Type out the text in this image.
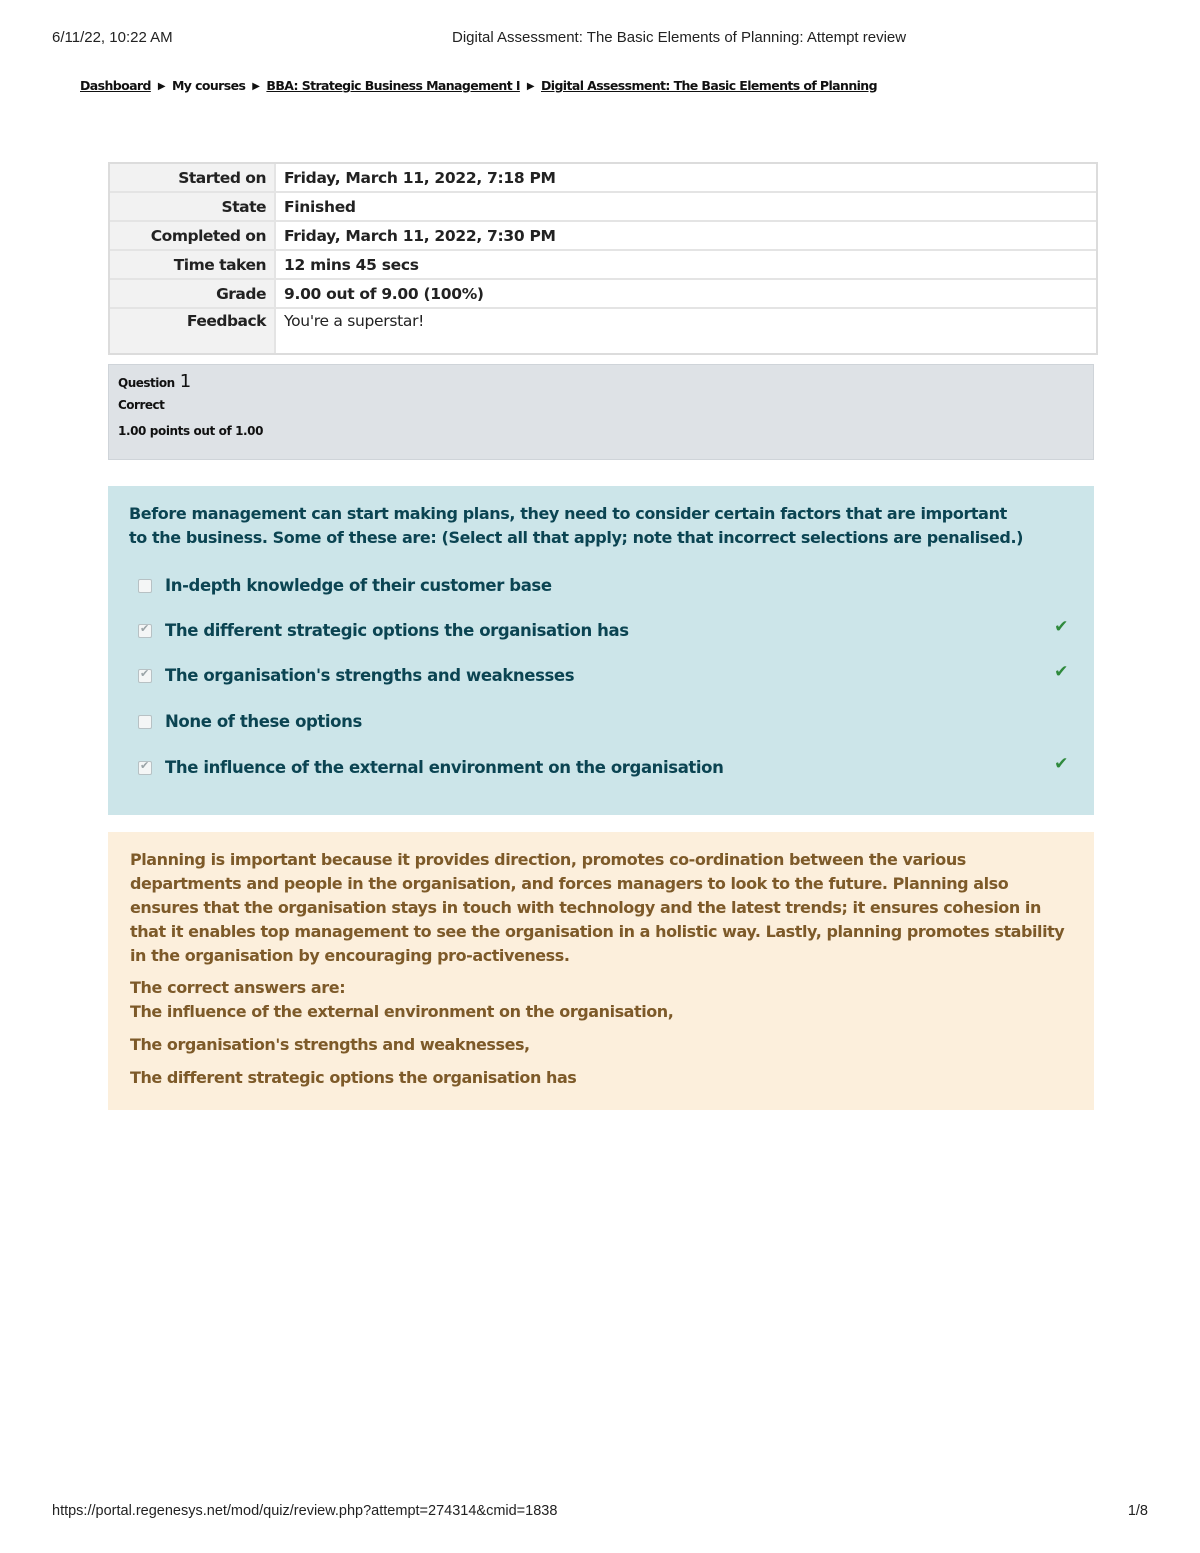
6/11/22, 10:22 AM	Digital Assessment: The Basic Elements of Planning: Attempt review
Dashboard ▶ My courses ▶ BBA: Strategic Business Management I ▶ Digital Assessment: The Basic Elements of Planning
Started on	Friday, March 11, 2022, 7:18 PM
State	Finished
Completed on	Friday, March 11, 2022, 7:30 PM
Time taken	12 mins 45 secs
Grade	9.00 out of 9.00 (100%)
Feedback	You're a superstar!
Question 1
Correct
1.00 points out of 1.00
Before management can start making plans, they need to consider certain factors that are important to the business. Some of these are: (Select all that apply; note that incorrect selections are penalised.)
In-depth knowledge of their customer base
✔
The different strategic options the organisation has	✔
✔
The organisation's strengths and weaknesses	✔
None of these options
✔
The influence of the external environment on the organisation	✔
Planning is important because it provides direction, promotes co-ordination between the various departments and people in the organisation, and forces managers to look to the future. Planning also ensures that the organisation stays in touch with technology and the latest trends; it ensures cohesion in that it enables top management to see the organisation in a holistic way. Lastly, planning promotes stability in the organisation by encouraging pro-activeness.
The correct answers are:
The influence of the external environment on the organisation,
The organisation's strengths and weaknesses,
The different strategic options the organisation has
https://portal.regenesys.net/mod/quiz/review.php?attempt=274314&cmid=1838	1/8
